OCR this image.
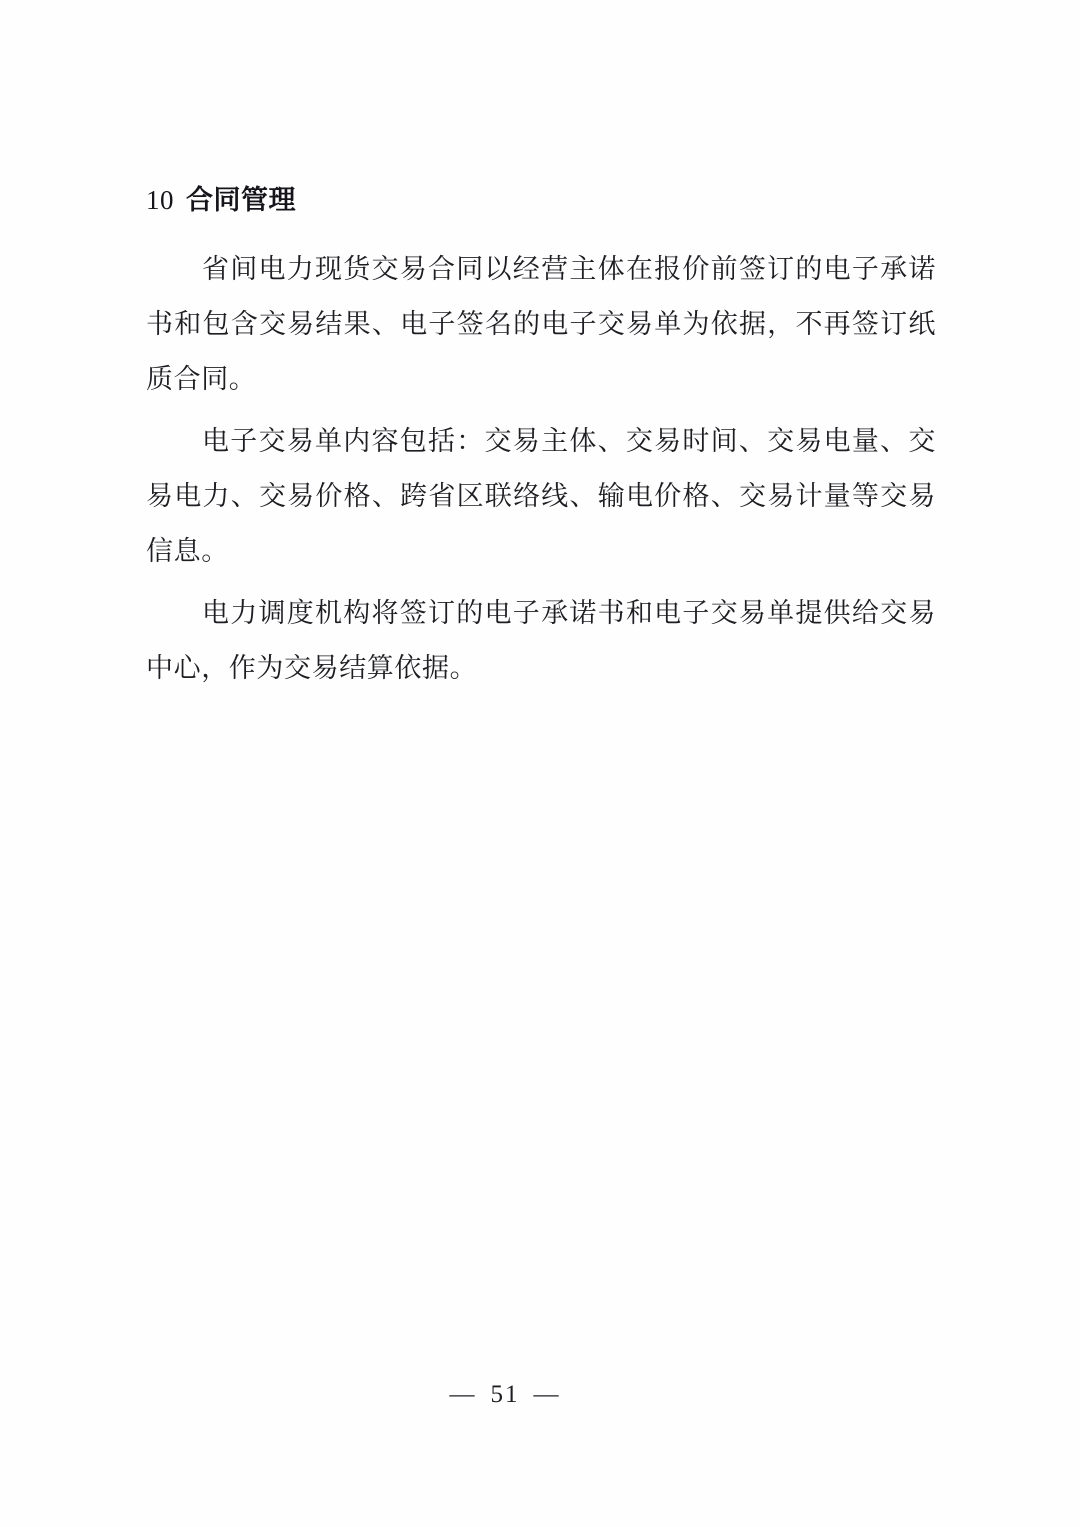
10 合同管理

省间电力现货交易合同以经营主体在报价前签订的电子承诺书和包含交易结果、电子签名的电子交易单为依据，不再签订纸质合同。

电子交易单内容包括：交易主体、交易时间、交易电量、交易电力、交易价格、跨省区联络线、输电价格、交易计量等交易信息。

电力调度机构将签订的电子承诺书和电子交易单提供给交易中心，作为交易结算依据。

— 51 —
